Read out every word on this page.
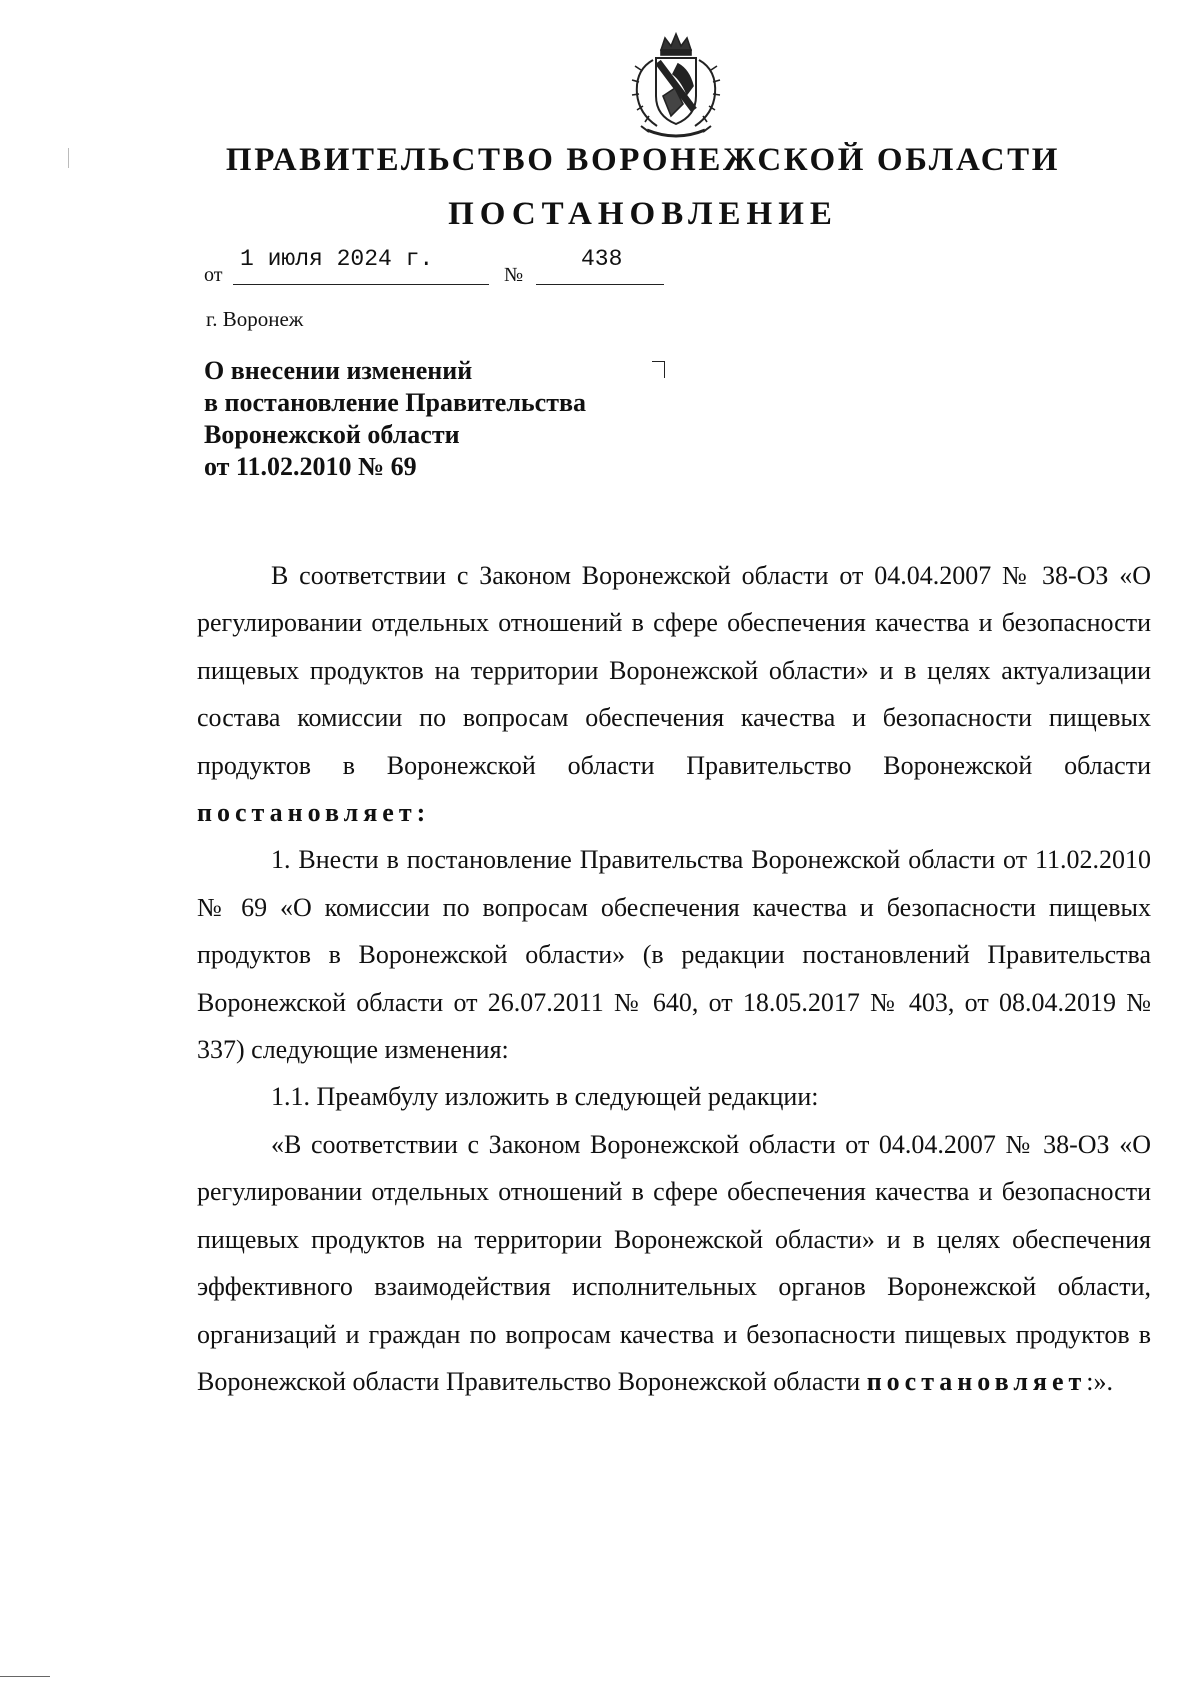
ПРАВИТЕЛЬСТВО ВОРОНЕЖСКОЙ ОБЛАСТИ
ПОСТАНОВЛЕНИЕ
от
1 июля 2024 г.
№
438
г. Воронеж
О внесении изменений
в постановление Правительства
Воронежской области
от 11.02.2010 № 69

В соответствии с Законом Воронежской области от 04.04.2007 № 38-ОЗ «О регулировании отдельных отношений в сфере обеспечения качества и безопасности пищевых продуктов на территории Воронежской области» и в целях актуализации состава комиссии по вопросам обеспечения качества и безопасности пищевых продуктов в Воронежской области Правительство Воронежской области постановляет:

1. Внести в постановление Правительства Воронежской области от 11.02.2010 № 69 «О комиссии по вопросам обеспечения качества и безопасности пищевых продуктов в Воронежской области» (в редакции постановлений Правительства Воронежской области от 26.07.2011 № 640, от 18.05.2017 № 403, от 08.04.2019 № 337) следующие изменения:

1.1. Преамбулу изложить в следующей редакции:

«В соответствии с Законом Воронежской области от 04.04.2007 № 38-ОЗ «О регулировании отдельных отношений в сфере обеспечения качества и безопасности пищевых продуктов на территории Воронежской области» и в целях обеспечения эффективного взаимодействия исполнительных органов Воронежской области, организаций и граждан по вопросам качества и безопасности пищевых продуктов в Воронежской области Правительство Воронежской области постановляет:».
